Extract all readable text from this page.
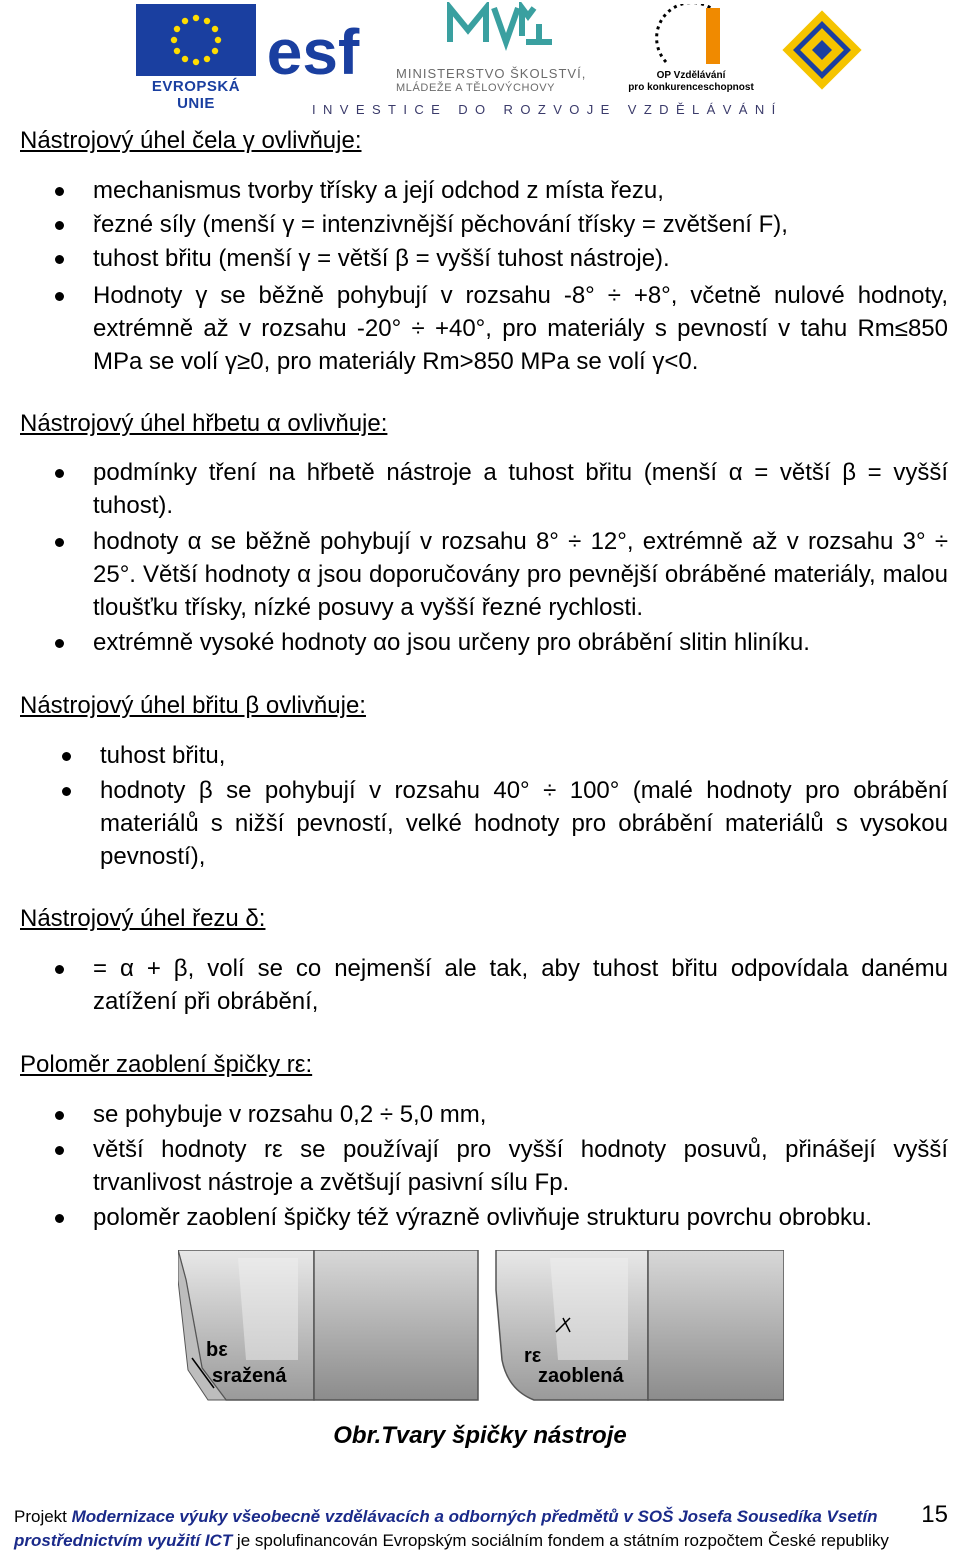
EVROPSKÁ UNIE
esf	MINISTERSTVO ŠKOLSTVÍ,
MLÁDEŽE A TĚLOVÝCHOVY
OP Vzdělávání
pro konkurenceschopnost
INVESTICE DO ROZVOJE VZDĚLÁVÁNÍ
Nástrojový úhel čela γ ovlivňuje:
mechanismus tvorby třísky a její odchod z místa řezu,
řezné síly (menší γ = intenzivnější pěchování třísky = zvětšení F),
tuhost břitu (menší γ = větší β = vyšší tuhost nástroje).
Hodnoty γ se běžně pohybují v rozsahu -8° ÷ +8°, včetně nulové hodnoty, extrémně až v rozsahu -20° ÷ +40°, pro materiály s pevností v tahu Rm≤850 MPa se volí γ≥0, pro materiály Rm>850 MPa se volí γ<0.
Nástrojový úhel hřbetu α ovlivňuje:
podmínky tření na hřbetě nástroje a tuhost břitu (menší α = větší β = vyšší tuhost).
hodnoty α se běžně pohybují v rozsahu 8° ÷ 12°, extrémně až v rozsahu 3° ÷ 25°. Větší hodnoty α jsou doporučovány pro pevnější obráběné materiály, malou tloušťku třísky, nízké posuvy a vyšší řezné rychlosti.
extrémně vysoké hodnoty αo jsou určeny pro obrábění slitin hliníku.
Nástrojový úhel břitu β ovlivňuje:
tuhost břitu,
hodnoty β se pohybují v rozsahu 40° ÷ 100° (malé hodnoty pro obrábění materiálů s nižší pevností, velké hodnoty pro obrábění materiálů s vysokou pevností),
Nástrojový úhel řezu δ:
= α + β, volí se co nejmenší ale tak, aby tuhost břitu odpovídala danému zatížení při obrábění,
Poloměr zaoblení špičky rε:
se pohybuje v rozsahu 0,2 ÷ 5,0 mm,
větší hodnoty rε se používají pro vyšší hodnoty posuvů, přinášejí vyšší trvanlivost nástroje a zvětšují pasivní sílu Fp.
poloměr zaoblení špičky též výrazně ovlivňuje strukturu povrchu obrobku.
bε
sražená
rε
zaoblená
Obr.Tvary špičky nástroje
Projekt Modernizace výuky všeobecně vzdělávacích a odborných předmětů v SOŠ Josefa Sousedíka Vsetín
prostřednictvím využití ICT je spolufinancován Evropským sociálním fondem a státním rozpočtem České republiky
15
